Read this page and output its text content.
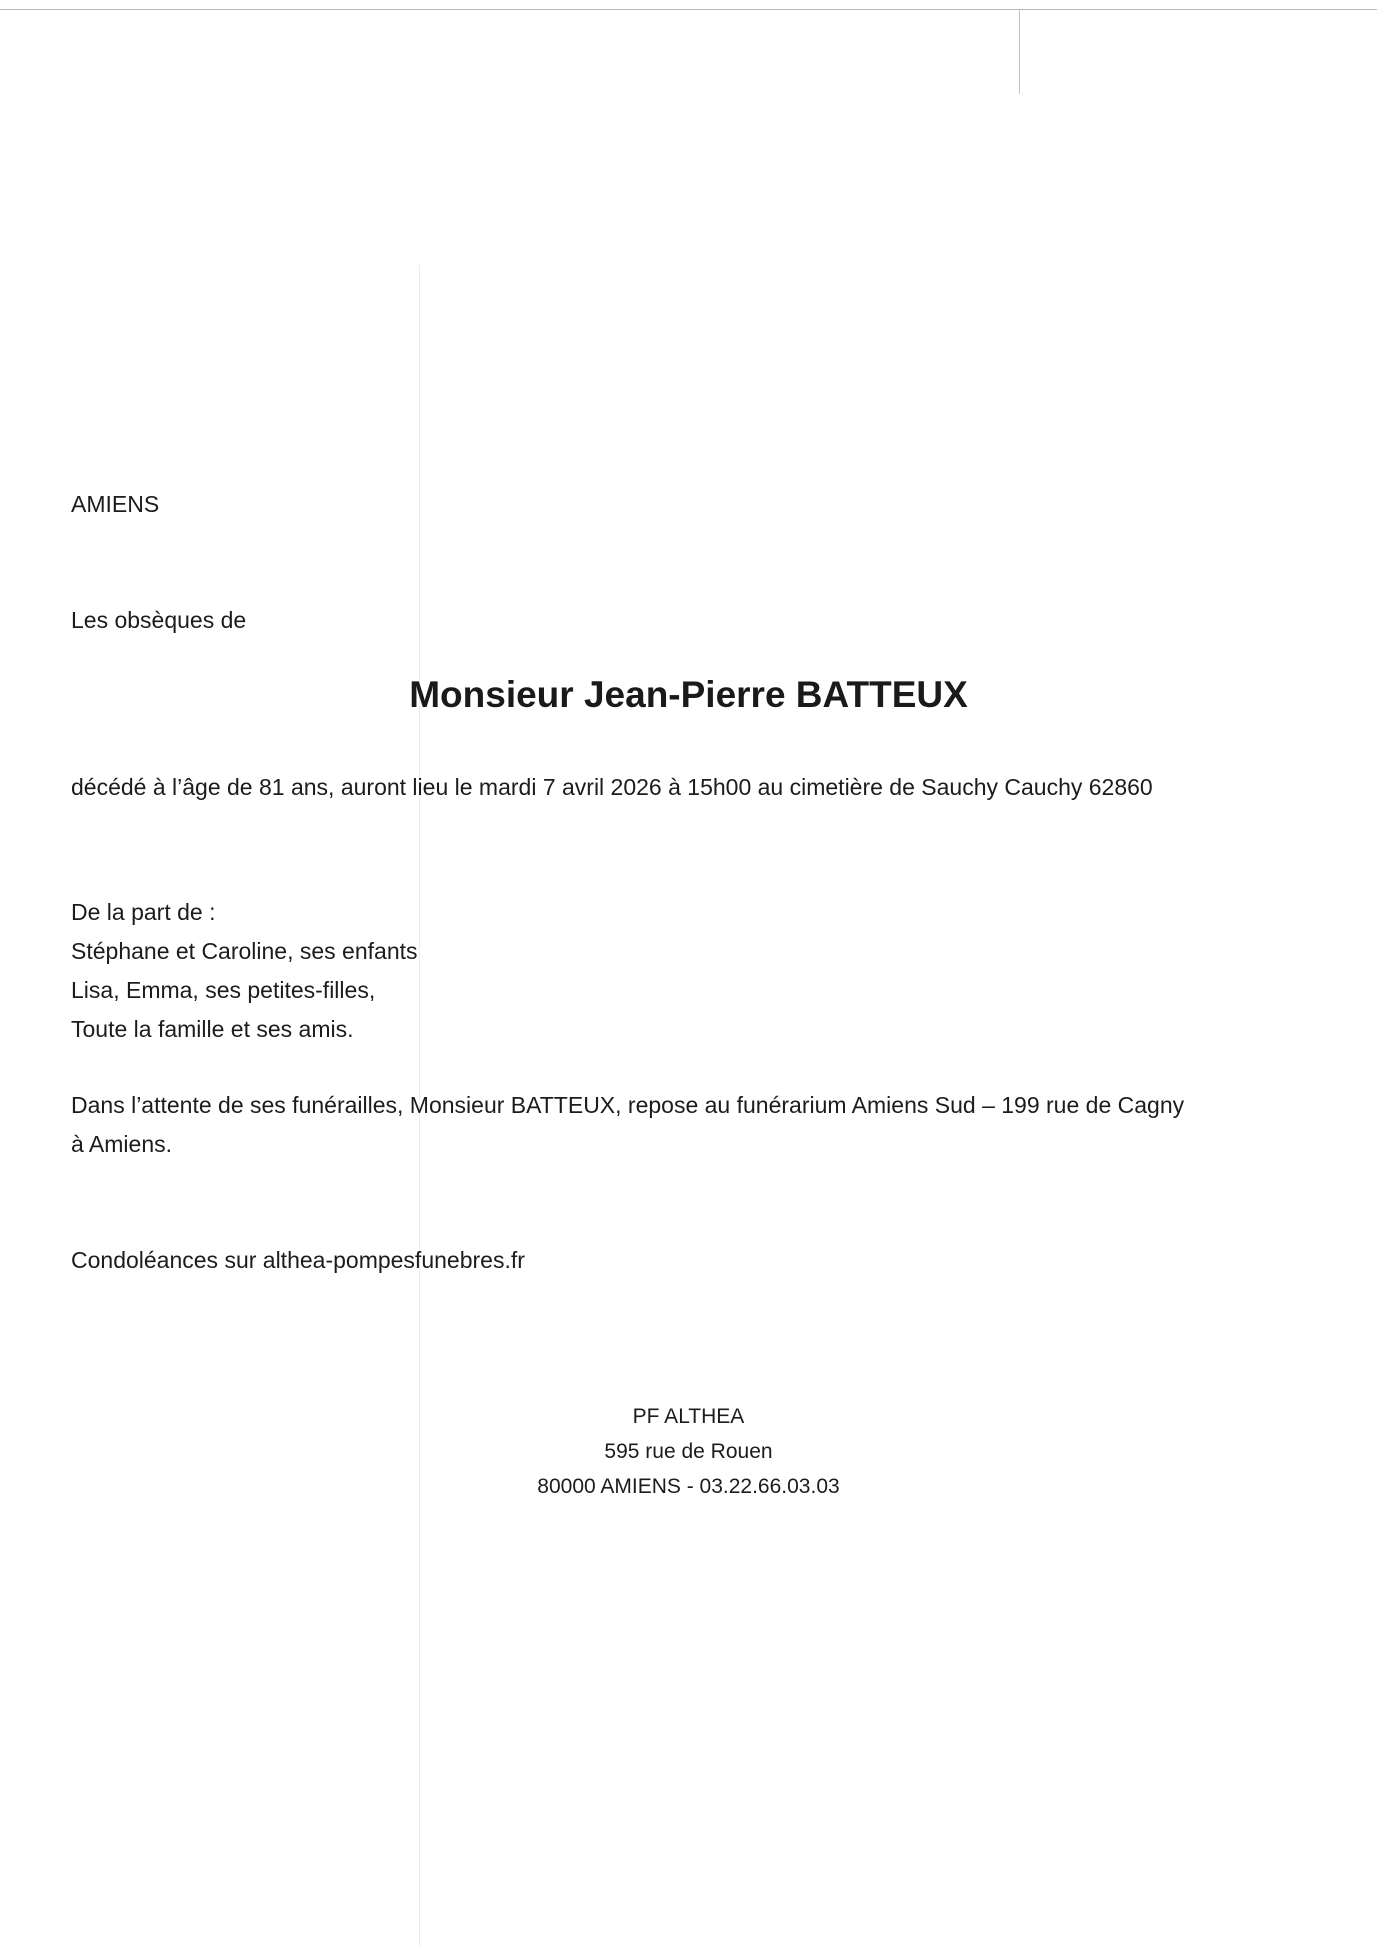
AMIENS
Les obsèques de
Monsieur Jean-Pierre BATTEUX
décédé à l’âge de 81 ans, auront lieu le mardi 7 avril 2026 à 15h00 au cimetière de Sauchy Cauchy 62860
De la part de :
Stéphane et Caroline, ses enfants
Lisa, Emma, ses petites-filles,
Toute la famille et ses amis.
Dans l’attente de ses funérailles, Monsieur BATTEUX, repose au funérarium Amiens Sud – 199 rue de Cagny
à Amiens.
Condoléances sur althea-pompesfunebres.fr
PF ALTHEA
595 rue de Rouen
80000 AMIENS - 03.22.66.03.03
